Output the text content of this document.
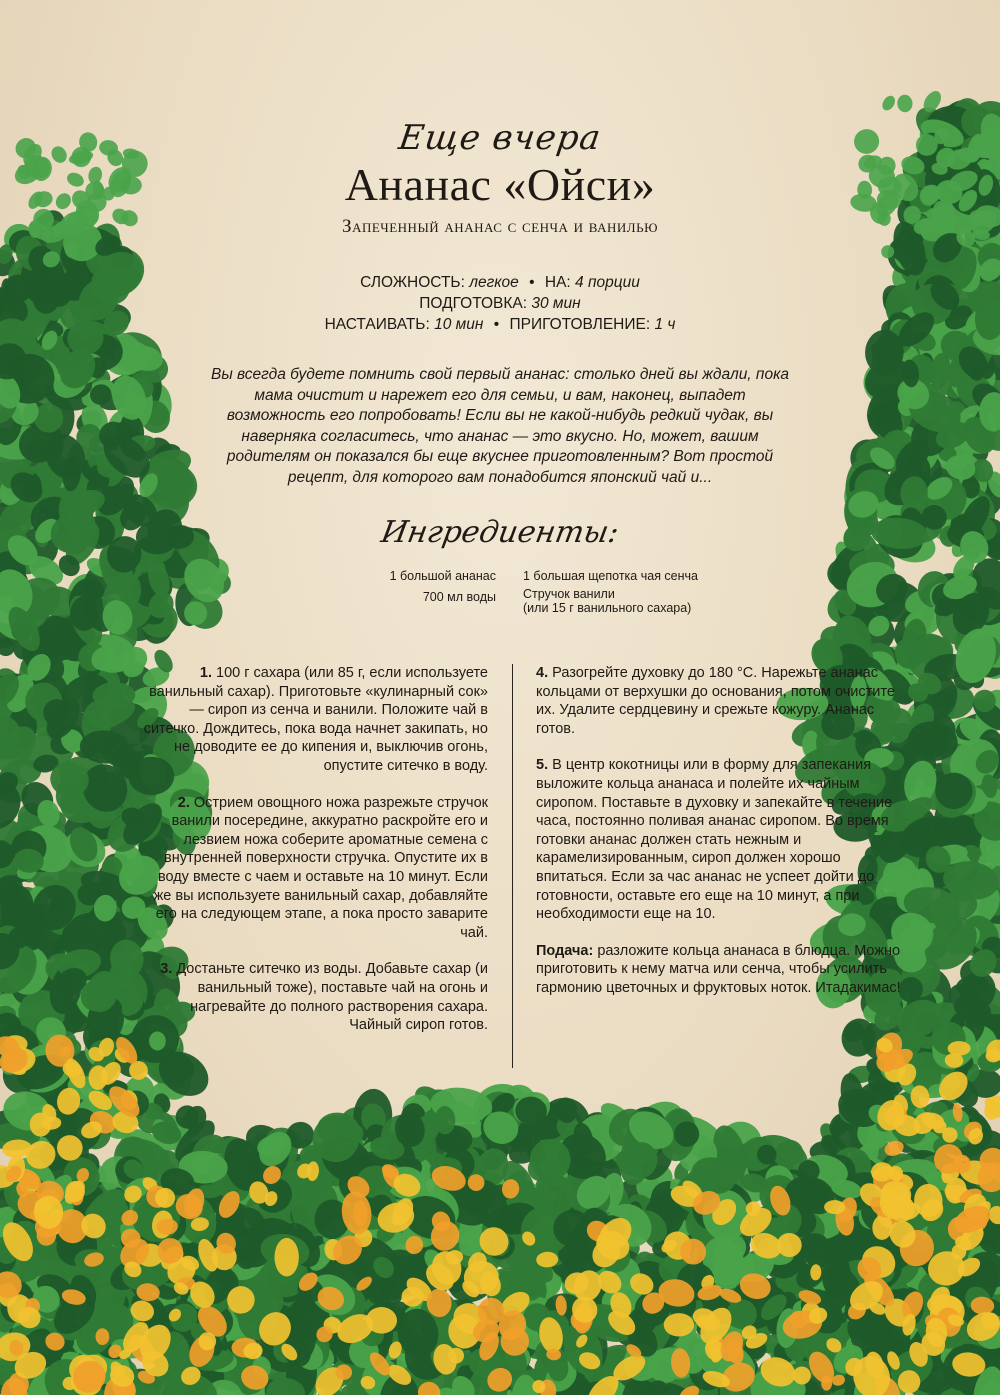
Еще вчера
Ананас «Ойси»
Запеченный ананас с сенча и ванилью
СЛОЖНОСТЬ: легкое • НА: 4 порции
ПОДГОТОВКА: 30 мин
НАСТАИВАТЬ: 10 мин • ПРИГОТОВЛЕНИЕ: 1 ч
Вы всегда будете помнить свой первый ананас: столько дней вы ждали, пока мама очистит и нарежет его для семьи, и вам, наконец, выпадет возможность его попробовать! Если вы не какой-нибудь редкий чудак, вы наверняка согласитесь, что ананас — это вкусно. Но, может, вашим родителям он показался бы еще вкуснее приготовленным? Вот простой рецепт, для которого вам понадобится японский чай и...
Ингредиенты:
1 большой ананас
700 мл воды
1 большая щепотка чая сенча
Стручок ванили
(или 15 г ванильного сахара)

1. 100 г сахара (или 85 г, если используете ванильный сахар). Приготовьте «кулинарный сок» — сироп из сенча и ванили. Положите чай в ситечко. Дождитесь, пока вода начнет закипать, но не доводите ее до кипения и, выключив огонь, опустите ситечко в воду.

2. Острием овощного ножа разрежьте стручок ванили посередине, аккуратно раскройте его и лезвием ножа соберите ароматные семена с внутренней поверхности стручка. Опустите их в воду вместе с чаем и оставьте на 10 минут. Если же вы используете ванильный сахар, добавляйте его на следующем этапе, а пока просто заварите чай.

3. Достаньте ситечко из воды. Добавьте сахар (и ванильный тоже), поставьте чай на огонь и нагревайте до полного растворения сахара. Чайный сироп готов.

4. Разогрейте духовку до 180 °C. Нарежьте ананас кольцами от верхушки до основания, потом очистите их. Удалите сердцевину и срежьте кожуру. Ананас готов.

5. В центр кокотницы или в форму для запекания выложите кольца ананаса и полейте их чайным сиропом. Поставьте в духовку и запекайте в течение часа, постоянно поливая ананас сиропом. Во время готовки ананас должен стать нежным и карамелизированным, сироп должен хорошо впитаться. Если за час ананас не успеет дойти до готовности, оставьте его еще на 10 минут, а при необходимости еще на 10.

Подача: разложите кольца ананаса в блюдца. Можно приготовить к нему матча или сенча, чтобы усилить гармонию цветочных и фруктовых ноток. Итадакимас!
